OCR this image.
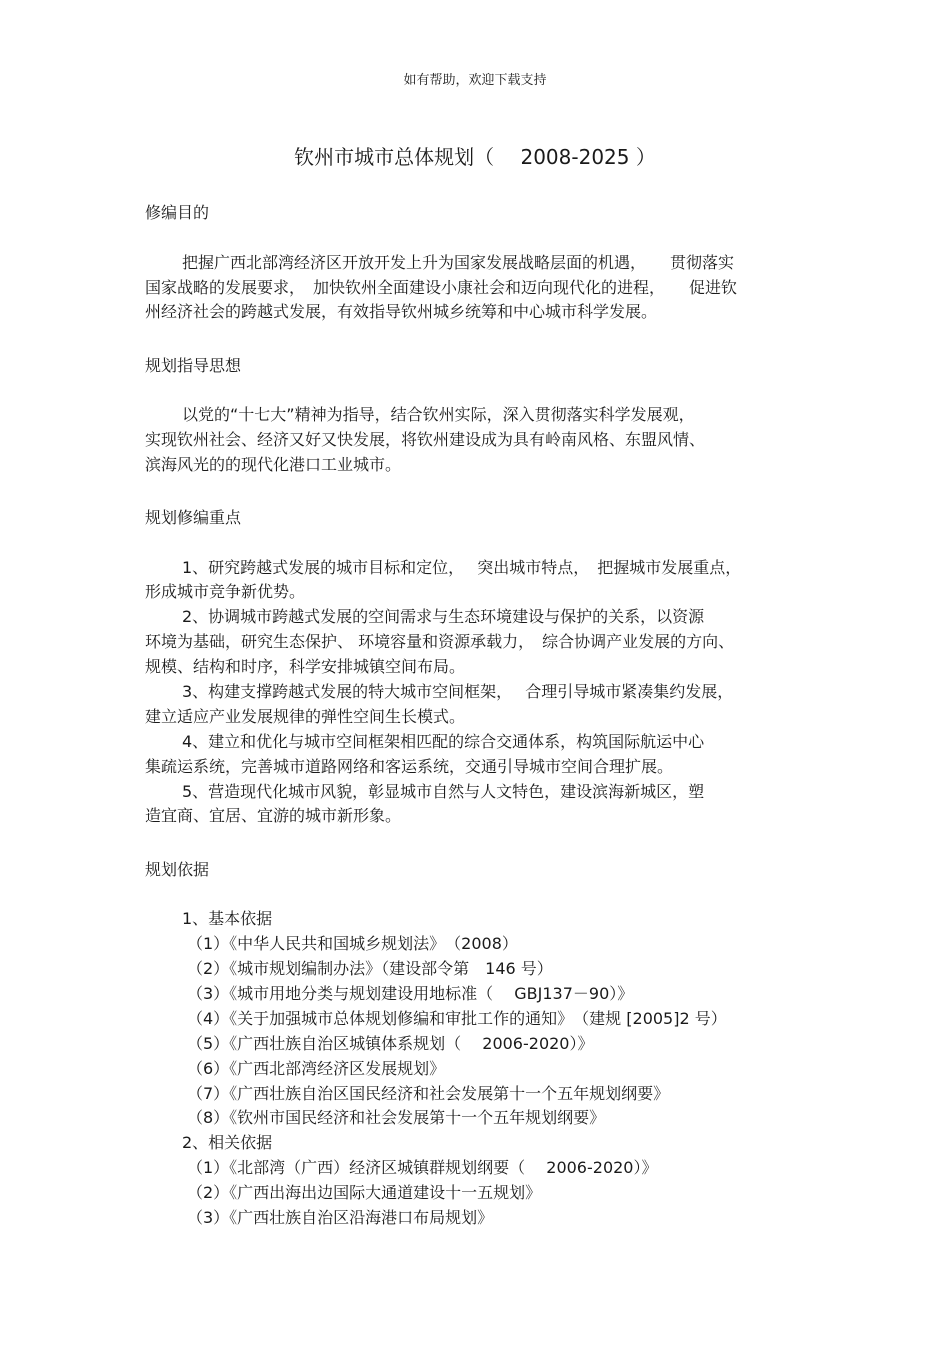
如有帮助，欢迎下载支持
钦州市城市总体规划（　 2008-2025 ）
修编目的
把握广西北部湾经济区开放开发上升为国家发展战略层面的机遇，　　贯彻落实
国家战略的发展要求，　加快钦州全面建设小康社会和迈向现代化的进程，　　促进钦
州经济社会的跨越式发展，有效指导钦州城乡统筹和中心城市科学发展。
规划指导思想
以党的“十七大”精神为指导，结合钦州实际，深入贯彻落实科学发展观，
实现钦州社会、经济又好又快发展，将钦州建设成为具有岭南风格、东盟风情、
滨海风光的的现代化港口工业城市。
规划修编重点
1、研究跨越式发展的城市目标和定位，　 突出城市特点，　把握城市发展重点，
形成城市竞争新优势。
2、协调城市跨越式发展的空间需求与生态环境建设与保护的关系，以资源
环境为基础，研究生态保护、 环境容量和资源承载力，　综合协调产业发展的方向、
规模、结构和时序，科学安排城镇空间布局。
3、构建支撑跨越式发展的特大城市空间框架，　 合理引导城市紧凑集约发展，
建立适应产业发展规律的弹性空间生长模式。
4、建立和优化与城市空间框架相匹配的综合交通体系，构筑国际航运中心
集疏运系统，完善城市道路网络和客运系统，交通引导城市空间合理扩展。
5、营造现代化城市风貌，彰显城市自然与人文特色，建设滨海新城区，塑
造宜商、宜居、宜游的城市新形象。
规划依据
1、基本依据
（1）《中华人民共和国城乡规划法》　（2008）
（2）《城市规划编制办法》（建设部令第　146 号）
（3）《城市用地分类与规划建设用地标准（　 GBJ137－90）》
（4）《关于加强城市总体规划修编和审批工作的通知》　（建规 [2005]2 号）
（5）《广西壮族自治区城镇体系规划（　 2006-2020）》
（6）《广西北部湾经济区发展规划》
（7）《广西壮族自治区国民经济和社会发展第十一个五年规划纲要》
（8）《钦州市国民经济和社会发展第十一个五年规划纲要》
2、相关依据
（1）《北部湾（广西）经济区城镇群规划纲要（　 2006-2020）》
（2）《广西出海出边国际大通道建设十一五规划》
（3）《广西壮族自治区沿海港口布局规划》
